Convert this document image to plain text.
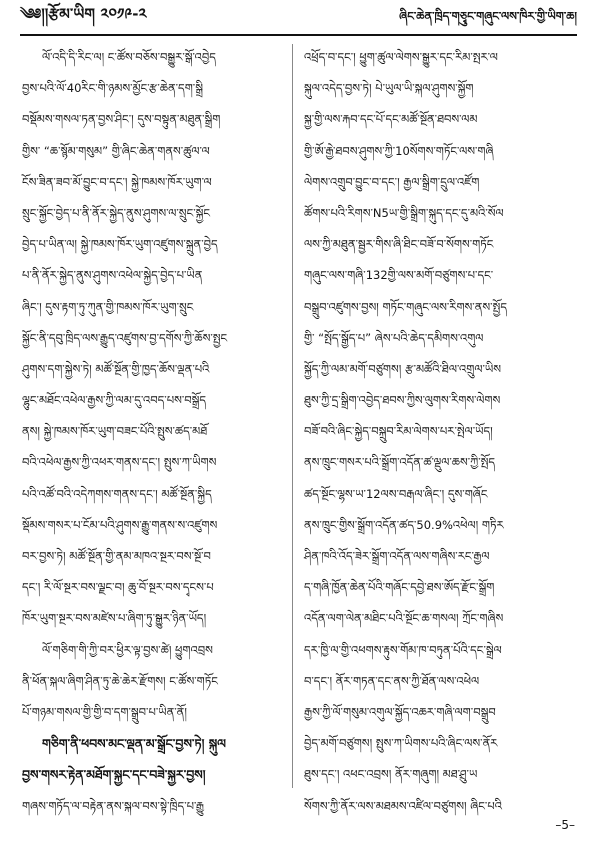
༄༅།།རྩོམ་ཡིག ༢༠༡༩-༢	ཞིང་ཆེན་ཁྲིད་གཅྭུང་གཞུང་ལས་ཁིར་གྱི་ཡིག་ཆ།
ལོ་འདི་དི་རིང་ལ། ང་ཚོས་བཅོས་བསྒྱུར་སྒོ་འབྱེད
བྱས་པའི་ལོ་40རིང་གི་ཉམས་མྱོང་རྩ་ཆེན་དག་སྒྲི
བསྡོམས་གསལ་ཏན་བྱས་ཤིང་། དུས་བསྟུན་མཐུན་སྒྲིག
གྱིས་ “ཆ་སྙོམ་གསུམ” གྱི་ཞིང་ཆེན་གནས་ཚུལ་ལ
ངོས་ཟིན་ཟབ་མོ་བྱུང་བ་དང་། སྐྱེ་ཁམས་ཁོར་ཡུག་ལ
སྲུང་སྐྱོང་བྱེད་པ་ནི་ནོར་སྐྱེད་ནུས་ཤུགས་ལ་སྲུང་སྐྱོང
བྱེད་པ་ཡིན་ལ། སྐྱེ་ཁམས་ཁོར་ཡུག་འཛུགས་སྐྲུན་བྱེད
པ་ནི་ནོར་སྐྱེད་ནུས་ཤུགས་འཕེལ་སྐྱེད་བྱེད་པ་ཡིན
ཞིང་། དུས་རྟག་ཏུ་ཀུན་གྱི་ཁམས་ཁོར་ཡུག་སྲུང
སྐྱོང་ནི་དབུ་ཁྲིད་ལས་རྒྱུད་འཛུགས་བྱ་དགོས་ཀྱི་ཆོས་སྤྱང
ཤུགས་དག་སྐྱེས་ཏེ། མཚོ་སྔོན་གྱི་ཁྱད་ཆོས་ལྡན་པའི
ལྷུང་མཐོང་འཕེལ་རྒྱས་ཀྱི་ལམ་དུ་འབད་པས་བསྒྲོད
ནས། སྐྱེ་ཁམས་ཁོར་ཡུག་བཟང་པོའི་སྤུས་ཚད་མཐོ
བའི་འཕེལ་རྒྱས་ཀྱི་འཕར་གནས་དང་། སྤུས་ཀ་ཡིགས
པའི་འཚོ་བའི་འདེཀགས་གནས་དང་། མཚོ་སྔོན་སྐྱིད
སྡོམས་གསར་པ་ངོམ་པའི་ཤུགས་རྒྱུ་གནས་ས་འཛུགས
བར་བྱས་ཏེ། མཚོ་སྔོན་གྱི་ནམ་མཁའ་སྔར་བས་སྔོ་བ
དང་། རི་ལོ་སྔར་བས་ལྗང་བ། ཆུ་བོ་སྔར་བས་དྭངས་པ
ཁོར་ཡུག་སྔར་བས་མཛེས་པ་ཞིག་ཏུ་སྒྱུར་ཉིན་ཡོད།
ལོ་གཅིག་གི་ཀྱི་བར་ཕྱིར་ལྟ་བྱས་ཚེ། ཕྱུགའབྲས
ནི་ཕོན་སྐལ་ཞིག་ཤིན་ཏུ་ཆེ་ཆེར་རྫོགས། ང་ཚོས་གཏོང
པོ་གཉམ་གསལ་གྱི་གྱི་བ་དག་སྒྲུབ་པ་ཡིན་ནོ།
གཅིག་ནི་ཕབས་མང་ལྡན་མ་སྒྲོང་བྱས་ཏེ། སྐུལ
བྱས་གསར་རྟེན་མཐོག་སྐྱང་དང་བཟེ་སྐྱར་བྱས།
གཞས་གཏོད་ལ་བརྟེན་ནས་སྐལ་བས་སྟེ་ཁྲིད་པ་རྒྱུ
འཕྲོད་བ་དང་། ཕྱུག་ཚུལ་ལེགས་སྒྱུར་དང་རིམ་སྤར་ལ
སྐུལ་འདེད་བྱས་ཏེ། པེ་ཡུལ་ཡི་སྐལ་ཤུགས་སྐྱོག
སྐྱ་གྱི་ལས་རྐབ་དང་པོ་དང་མཚོ་སྔོན་ཐབས་ལམ
གྱི་ཨོ་རྒྱེ་ཐབས་ཤུགས་ཀྱི་10སོགས་གཏོང་ལས་གཞི
ལེགས་འགྲུབ་བྱུང་བ་དང་། རྒྱལ་སྒྲིག་དྲུལ་འཛོག
ཚོགས་པའི་རིགས་N5ཡ་གྱི་སྒྲིག་སྐུད་དང་དུ་མའི་སོལ
ལས་ཀྱི་མཐུན་སྦྱར་གིས་ཞི་ཐིང་བཟོ་བ་སོགས་གཏོང
གཞུང་ལས་གཞི་132གྱི་ལས་མགོ་བཙུགས་པ་དང་
བསྒྲུབ་འཛུགས་བྱས། གཏོང་གཞུང་ལས་རིགས་ནས་སྤྱོད
གྱི་ “སྤོད་སྒྱོད་པ” ཞེས་པའི་ཆེད་དམིགས་འགུལ
སྐྱོད་ཀྱི་ལམ་མགོ་བཙུགས། རྩ་མཚོའི་ཐིལ་འགྲུལ་ཡིས
ཐུས་ཀྱི་དྲ་སྒྲིག་འབྱེད་ཐབས་ཀྱིས་ལུགས་རིགས་ལེགས
བཟོ་བའི་ཞིང་སྐྱེད་བསྐྲུབ་རིམ་ལེགས་པར་སྤེལ་ཡོད།
ནས་ཁྲུང་གསར་པའི་སྒྲོག་འདོན་ཚ་ལྡུལ་ཆས་ཀྱི་སྤོད
ཚད་སྔོང་ལྷས་ཡ་12ལས་བརྒལ་ཞིང་། དུས་གཞོང
ནས་ཁྲུང་གྱིས་སྒྲོག་འདོན་ཚད་50.9%འཕེལ། གཏིར
ཤིན་ཁའི་འོད་ཟེར་སྒྲོག་འདོན་ལས་གཞིས་རང་རྒྱལ
ད་གཞི་ཁྱོན་ཆེན་པོའི་གཞོང་དབྱེ་ཐས་ཨོད་རྫོང་སྒྲོག
འདོན་ལག་ལེན་མཐིང་པའི་སྔོང་ཆ་གསལ། ཀྲོང་གཞིས
དར་ཁྱི་ལ་གྱི་འཕགས་རྟུས་གོམ་ཁ་བཏུན་པོའི་དང་སྒྲེལ
བ་དང་། ནོར་གཏན་དང་ནས་ཀྱི་ཐོན་ལས་འཕེལ
རྒྱས་ཀྱི་ལོ་གསུམ་འགུལ་སྐྱོད་འཆར་གཞི་ལག་བསྒྲུབ
བྱེད་མགོ་བཙུགས། སྤུས་ཀ་ཡིགས་པའི་ཞིང་ལས་ནོར
ཐུས་དང་། འཕང་འབྲས། ནོར་གཞུག། མཐ་ཤྲུ་ཡ
སོགས་ཀྱི་ནོར་ལས་མཐམས་འཛིལ་བཙུགས། ཞིང་པའི
–5–
